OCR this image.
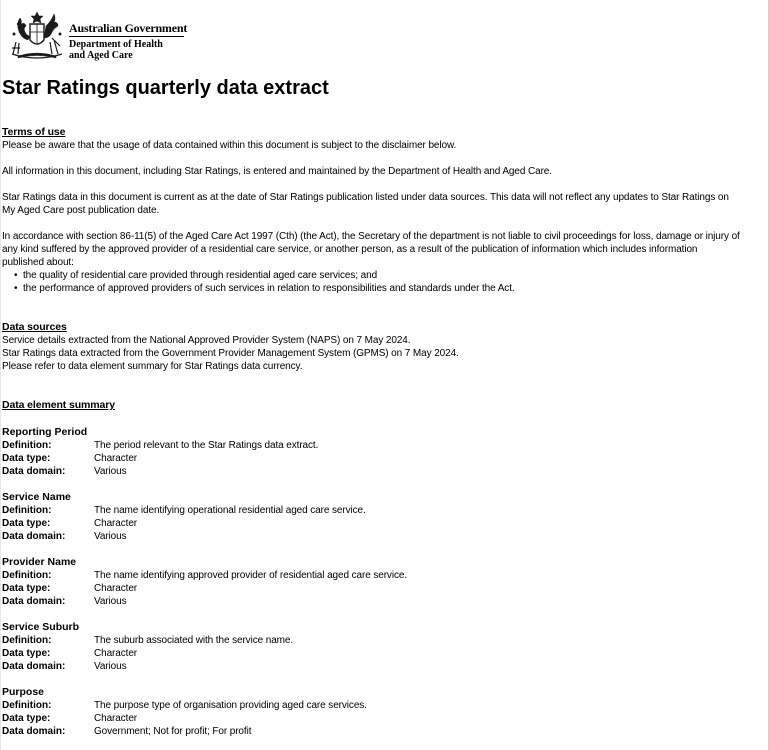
Australian Government
Department of Health
and Aged Care
Star Ratings quarterly data extract
Terms of use
Please be aware that the usage of data contained within this document is subject to the disclaimer below.
All information in this document, including Star Ratings, is entered and maintained by the Department of Health and Aged Care.
Star Ratings data in this document is current as at the date of Star Ratings publication listed under data sources. This data will not reflect any updates to Star Ratings on
My Aged Care post publication date.
In accordance with section 86-11(5) of the Aged Care Act 1997 (Cth) (the Act), the Secretary of the department is not liable to civil proceedings for loss, damage or injury of
any kind suffered by the approved provider of a residential care service, or another person, as a result of the publication of information which includes information
published about:
• the quality of residential care provided through residential aged care services; and
• the performance of approved providers of such services in relation to responsibilities and standards under the Act.
Data sources
Service details extracted from the National Approved Provider System (NAPS) on 7 May 2024.
Star Ratings data extracted from the Government Provider Management System (GPMS) on 7 May 2024.
Please refer to data element summary for Star Ratings data currency.
Data element summary
Reporting Period
Definition:	The period relevant to the Star Ratings data extract.
Data type:	Character
Data domain:	Various
Service Name
Definition:	The name identifying operational residential aged care service.
Data type:	Character
Data domain:	Various
Provider Name
Definition:	The name identifying approved provider of residential aged care service.
Data type:	Character
Data domain:	Various
Service Suburb
Definition:	The suburb associated with the service name.
Data type:	Character
Data domain:	Various
Purpose
Definition:	The purpose type of organisation providing aged care services.
Data type:	Character
Data domain:	Government; Not for profit; For profit
